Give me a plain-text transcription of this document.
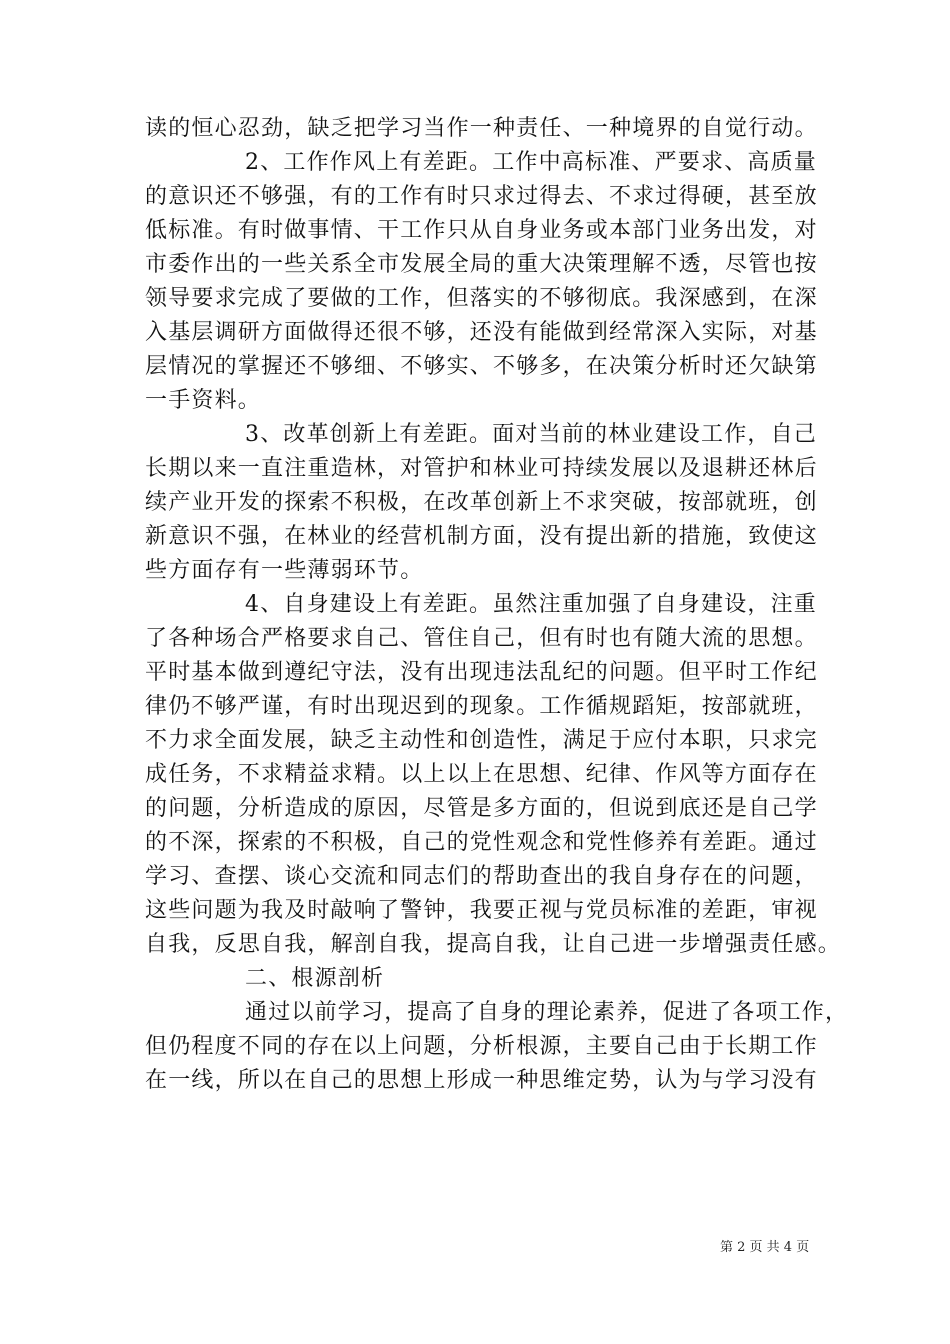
读的恒心忍劲，缺乏把学习当作一种责任、一种境界的自觉行动。
2、工作作风上有差距。工作中高标准、严要求、高质量
的意识还不够强，有的工作有时只求过得去、不求过得硬，甚至放
低标准。有时做事情、干工作只从自身业务或本部门业务出发，对
市委作出的一些关系全市发展全局的重大决策理解不透，尽管也按
领导要求完成了要做的工作，但落实的不够彻底。我深感到，在深
入基层调研方面做得还很不够，还没有能做到经常深入实际，对基
层情况的掌握还不够细、不够实、不够多，在决策分析时还欠缺第
一手资料。
3、改革创新上有差距。面对当前的林业建设工作，自己
长期以来一直注重造林，对管护和林业可持续发展以及退耕还林后
续产业开发的探索不积极，在改革创新上不求突破，按部就班，创
新意识不强，在林业的经营机制方面，没有提出新的措施，致使这
些方面存有一些薄弱环节。
4、自身建设上有差距。虽然注重加强了自身建设，注重
了各种场合严格要求自己、管住自己，但有时也有随大流的思想。
平时基本做到遵纪守法，没有出现违法乱纪的问题。但平时工作纪
律仍不够严谨，有时出现迟到的现象。工作循规蹈矩，按部就班，
不力求全面发展，缺乏主动性和创造性，满足于应付本职，只求完
成任务，不求精益求精。以上以上在思想、纪律、作风等方面存在
的问题，分析造成的原因，尽管是多方面的，但说到底还是自己学
的不深，探索的不积极，自己的党性观念和党性修养有差距。通过
学习、查摆、谈心交流和同志们的帮助查出的我自身存在的问题，
这些问题为我及时敲响了警钟，我要正视与党员标准的差距，审视
自我，反思自我，解剖自我，提高自我，让自己进一步增强责任感。
二、根源剖析
通过以前学习，提高了自身的理论素养，促进了各项工作，
但仍程度不同的存在以上问题，分析根源，主要自己由于长期工作
在一线，所以在自己的思想上形成一种思维定势，认为与学习没有
第 2 页 共 4 页
